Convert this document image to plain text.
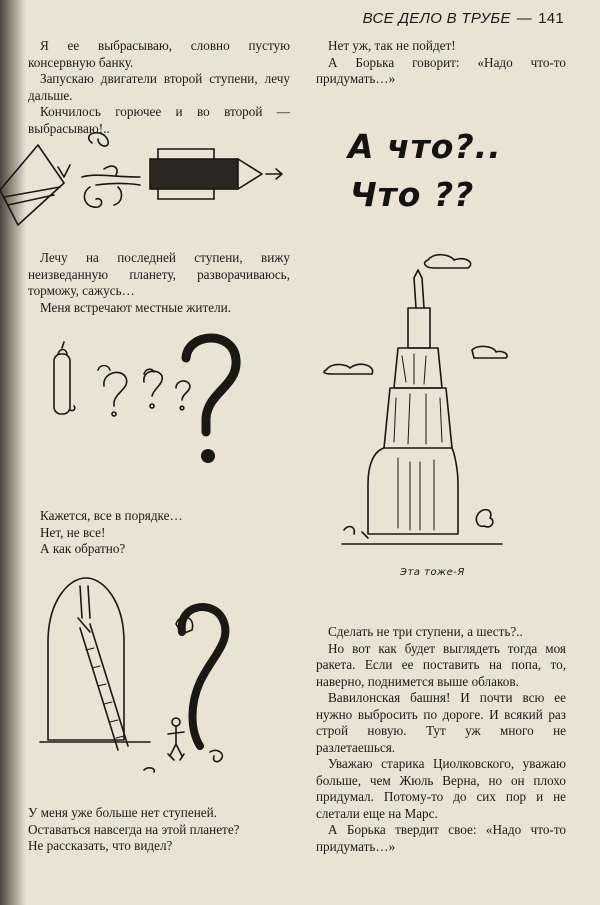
ВСЕ ДЕЛО В ТРУБЕ — 141

Я ее выбрасываю, словно пустую консервную банку.

Запускаю двигатели второй ступени, лечу дальше.

Кончилось горючее и во второй — выбрасываю!..

Лечу на последней ступени, вижу неизведанную планету, разворачиваюсь, торможу, сажусь…

Меня встречают местные жители.

Кажется, все в порядке…

Нет, не все!

А как обратно?

У меня уже больше нет ступеней.

Оставаться навсегда на этой планете?

Не рассказать, что видел?

Нет уж, так не пойдет!

А Борька говорит: «Надо что-то придумать…»

А что?..
Что ??
Эта тоже-Я

Сделать не три ступени, а шесть?..

Но вот как будет выглядеть тогда моя ракета. Если ее поставить на попа, то, наверно, поднимется выше облаков.

Вавилонская башня! И почти всю ее нужно выбросить по дороге. И всякий раз строй новую. Тут уж много не разлетаешься.

Уважаю старика Циолковского, уважаю больше, чем Жюль Верна, но он плохо придумал. Потому-то до сих пор и не слетали еще на Марс.

А Борька твердит свое: «Надо что-то придумать…»
